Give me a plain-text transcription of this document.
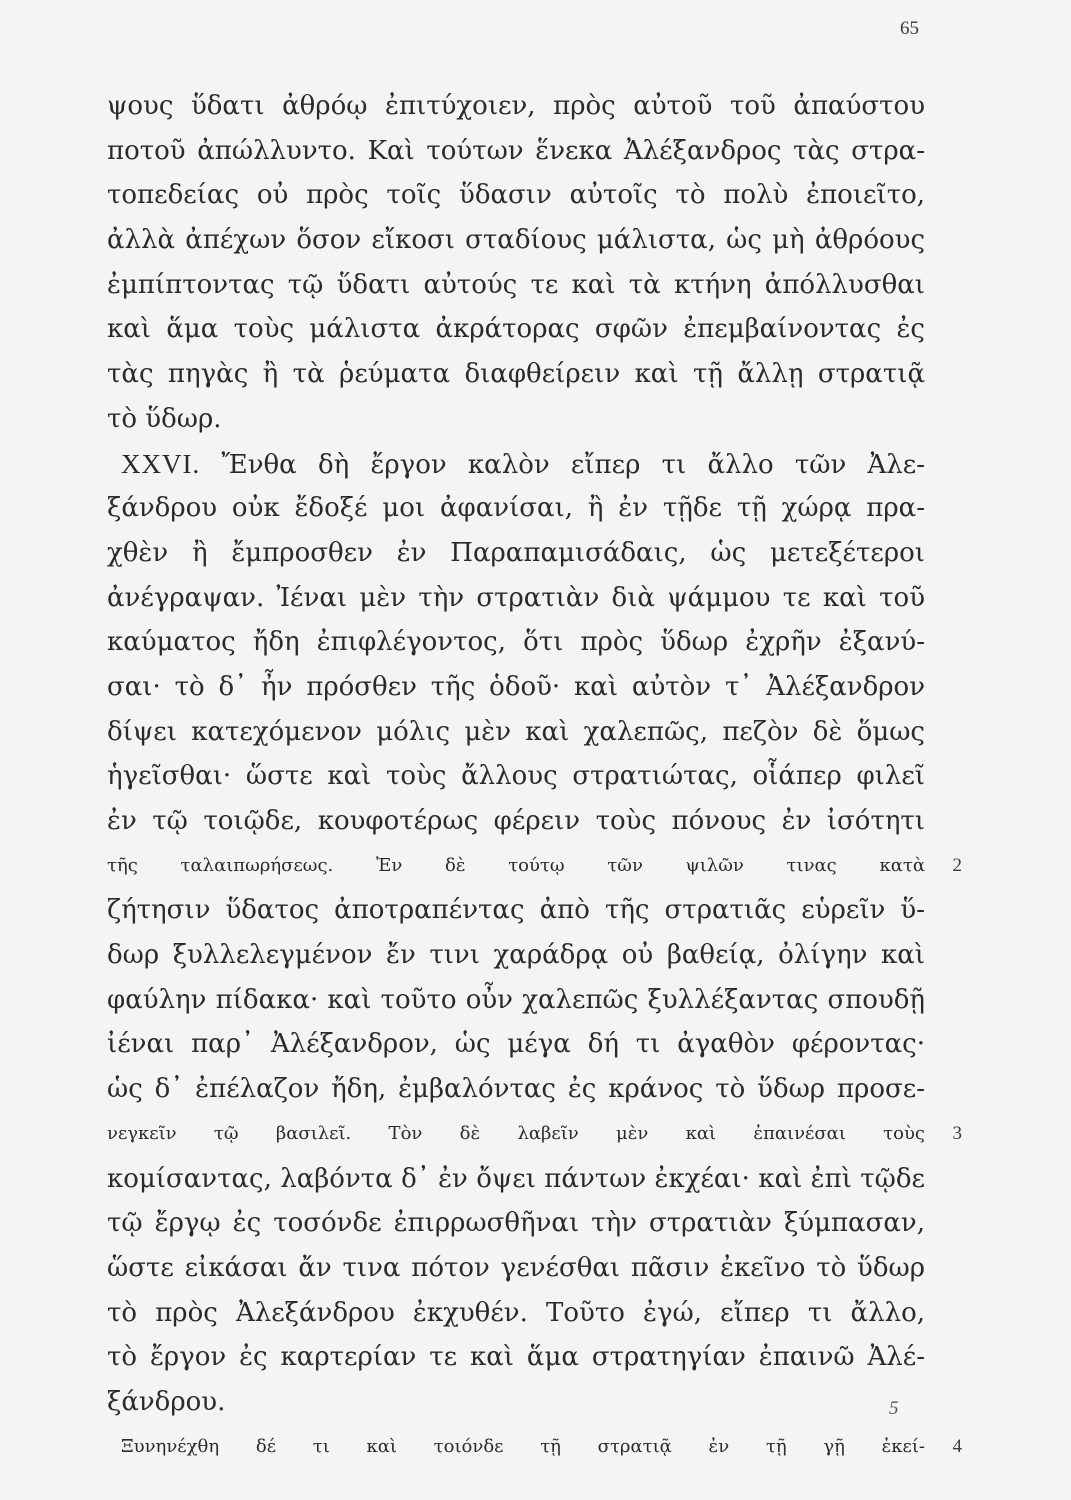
65
ψους ὕδατι ἀθρόῳ ἐπιτύχοιεν, πρὸς αὐτοῦ τοῦ ἀπαύστου
ποτοῦ ἀπώλλυντο. Καὶ τούτων ἕνεκα Ἀλέξανδρος τὰς στρα-
τοπεδείας οὐ πρὸς τοῖς ὕδασιν αὐτοῖς τὸ πολὺ ἐποιεῖτο,
ἀλλὰ ἀπέχων ὅσον εἴκοσι σταδίους μάλιστα, ὡς μὴ ἀθρόους
ἐμπίπτοντας τῷ ὕδατι αὐτούς τε καὶ τὰ κτήνη ἀπόλλυσθαι
καὶ ἅμα τοὺς μάλιστα ἀκράτορας σφῶν ἐπεμβαίνοντας ἐς
τὰς πηγὰς ἢ τὰ ῥεύματα διαφθείρειν καὶ τῇ ἄλλῃ στρατιᾷ
τὸ ὕδωρ.
XXVI. Ἔνθα δὴ ἔργον καλὸν εἴπερ τι ἄλλο τῶν Ἀλε-
ξάνδρου οὐκ ἔδοξέ μοι ἀφανίσαι, ἢ ἐν τῇδε τῇ χώρᾳ πρα-
χθὲν ἢ ἔμπροσθεν ἐν Παραπαμισάδαις, ὡς μετεξέτεροι
ἀνέγραψαν. Ἰέναι μὲν τὴν στρατιὰν διὰ ψάμμου τε καὶ τοῦ
καύματος ἤδη ἐπιφλέγοντος, ὅτι πρὸς ὕδωρ ἐχρῆν ἐξανύ-
σαι· τὸ δ᾿ ἦν πρόσθεν τῆς ὁδοῦ· καὶ αὐτὸν τ᾿ Ἀλέξανδρον
δίψει κατεχόμενον μόλις μὲν καὶ χαλεπῶς, πεζὸν δὲ ὅμως
ἡγεῖσθαι· ὥστε καὶ τοὺς ἄλλους στρατιώτας, οἷάπερ φιλεῖ
ἐν τῷ τοιῷδε, κουφοτέρως φέρειν τοὺς πόνους ἐν ἰσότητι
τῆς ταλαιπωρήσεως. Ἐν δὲ τούτῳ τῶν ψιλῶν τινας κατὰ 2
ζήτησιν ὕδατος ἀποτραπέντας ἀπὸ τῆς στρατιᾶς εὑρεῖν ὕ-
δωρ ξυλλελεγμένον ἔν τινι χαράδρᾳ οὐ βαθείᾳ, ὀλίγην καὶ
φαύλην πίδακα· καὶ τοῦτο οὖν χαλεπῶς ξυλλέξαντας σπουδῇ
ἰέναι παρ᾿ Ἀλέξανδρον, ὡς μέγα δή τι ἀγαθὸν φέροντας·
ὡς δ᾿ ἐπέλαζον ἤδη, ἐμβαλόντας ἐς κράνος τὸ ὕδωρ προσε-
νεγκεῖν τῷ βασιλεῖ. Τὸν δὲ λαβεῖν μὲν καὶ ἐπαινέσαι τοὺς 3
κομίσαντας, λαβόντα δ᾿ ἐν ὄψει πάντων ἐκχέαι· καὶ ἐπὶ τῷδε
τῷ ἔργῳ ἐς τοσόνδε ἐπιρρωσθῆναι τὴν στρατιὰν ξύμπασαν,
ὥστε εἰκάσαι ἄν τινα πότον γενέσθαι πᾶσιν ἐκεῖνο τὸ ὕδωρ
τὸ πρὸς Ἀλεξάνδρου ἐκχυθέν. Τοῦτο ἐγώ, εἴπερ τι ἄλλο,
τὸ ἔργον ἐς καρτερίαν τε καὶ ἅμα στρατηγίαν ἐπαινῶ Ἀλέ-
ξάνδρου.
Ξυνηνέχθη δέ τι καὶ τοιόνδε τῇ στρατιᾷ ἐν τῇ γῇ ἐκεί- 4
5
